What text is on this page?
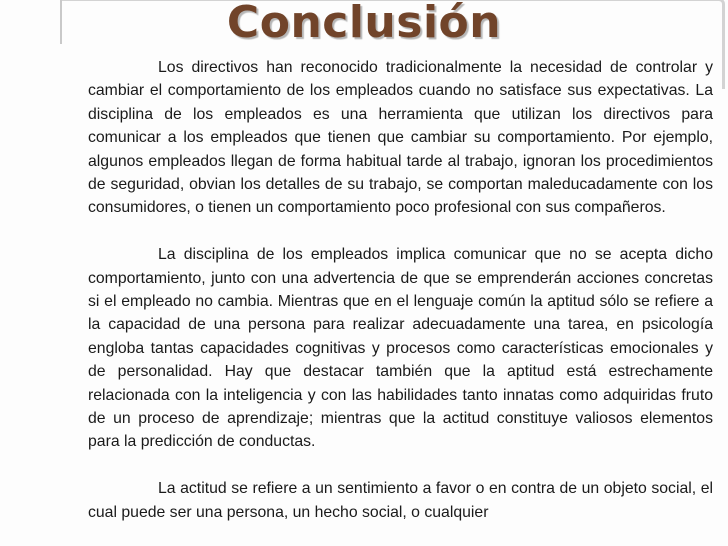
Conclusión

Los directivos han reconocido tradicionalmente la necesidad de controlar y cambiar el comportamiento de los empleados cuando no satisface sus expectativas. La disciplina de los empleados es una herramienta que utilizan los directivos para comunicar a los empleados que tienen que cambiar su comportamiento. Por ejemplo, algunos empleados llegan de forma habitual tarde al trabajo, ignoran los procedimientos de seguridad, obvian los detalles de su trabajo, se comportan maleducadamente con los consumidores, o tienen un comportamiento poco profesional con sus compañeros.

La disciplina de los empleados implica comunicar que no se acepta dicho comportamiento, junto con una advertencia de que se emprenderán acciones concretas si el empleado no cambia. Mientras que en el lenguaje común la aptitud sólo se refiere a la capacidad de una persona para realizar adecuadamente una tarea, en psicología engloba tantas capacidades cognitivas y procesos como características emocionales y de personalidad. Hay que destacar también que la aptitud está estrechamente relacionada con la inteligencia y con las habilidades tanto innatas como adquiridas fruto de un proceso de aprendizaje; mientras que la actitud constituye valiosos elementos para la predicción de conductas.

La actitud se refiere a un sentimiento a favor o en contra de un objeto social, el cual puede ser una persona, un hecho social, o cualquier
